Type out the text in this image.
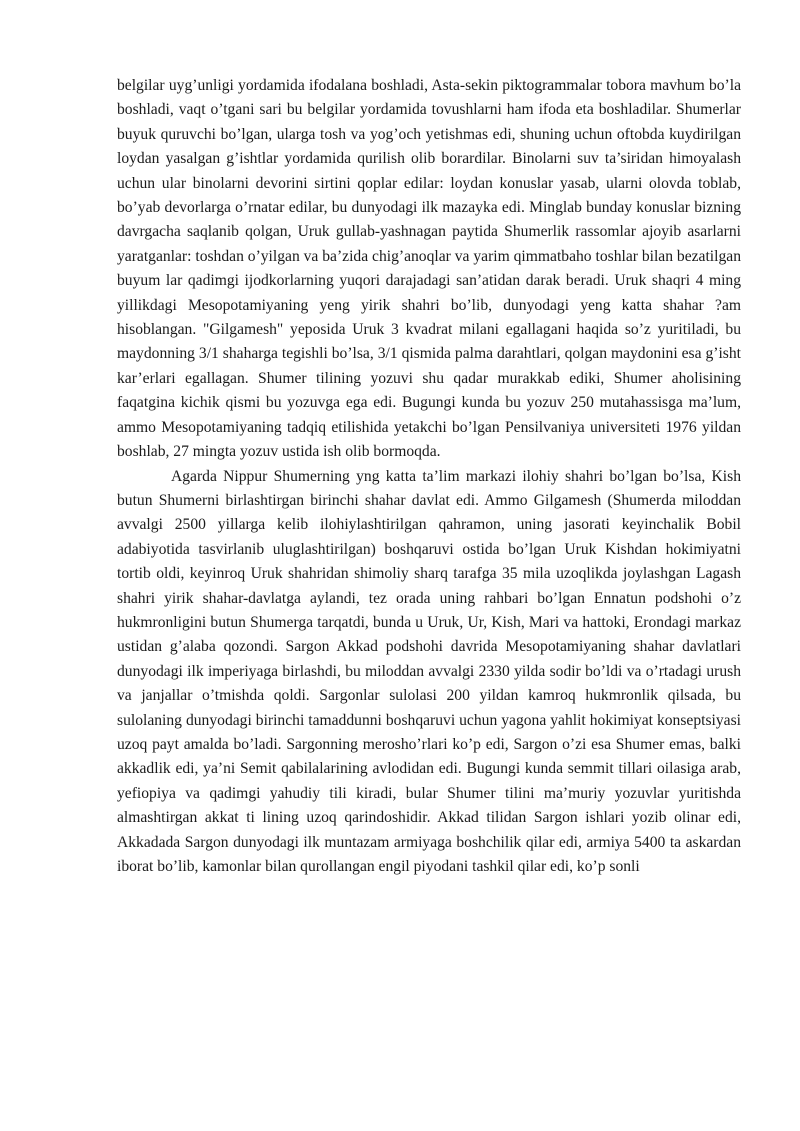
belgilar uyg’unligi yordamida ifodalana boshladi, Asta-sekin piktogrammalar tobora mavhum bo’la boshladi, vaqt o’tgani sari bu belgilar yordamida tovushlarni ham ifoda eta boshladilar. Shumerlar buyuk quruvchi bo’lgan, ularga tosh va yog’och yetishmas edi, shuning uchun oftobda kuydirilgan loydan yasalgan g’ishtlar yordamida qurilish olib borardilar. Binolarni suv ta’siridan himoyalash uchun ular binolarni devorini sirtini qoplar edilar: loydan konuslar yasab, ularni olovda toblab, bo’yab devorlarga o’rnatar edilar, bu dunyodagi ilk mazayka edi. Minglab bunday konuslar bizning davrgacha saqlanib qolgan, Uruk gullab-yashnagan paytida Shumerlik rassomlar ajoyib asarlarni yaratganlar: toshdan o’yilgan va ba’zida chig’anoqlar va yarim qimmatbaho toshlar bilan bezatilgan buyum lar qadimgi ijodkorlarning yuqori darajadagi san’atidan darak beradi. Uruk shaqri 4 ming yillikdagi Mesopotamiyaning yeng yirik shahri bo’lib, dunyodagi yeng katta shahar ?am hisoblangan. "Gilgamesh" yeposida Uruk 3 kvadrat milani egallagani haqida so’z yuritiladi, bu maydonning 3/1 shaharga tegishli bo’lsa, 3/1 qismida palma darahtlari, qolgan maydonini esa g’isht kar’erlari egallagan. Shumer tilining yozuvi shu qadar murakkab ediki, Shumer aholisining faqatgina kichik qismi bu yozuvga ega edi. Bugungi kunda bu yozuv 250 mutahassisga ma’lum, ammo Mesopotamiyaning tadqiq etilishida yetakchi bo’lgan Pensilvaniya universiteti 1976 yildan boshlab, 27 mingta yozuv ustida ish olib bormoqda.

Agarda Nippur Shumerning yng katta ta’lim markazi ilohiy shahri bo’lgan bo’lsa, Kish butun Shumerni birlashtirgan birinchi shahar davlat edi. Ammo Gilgamesh (Shumerda miloddan avvalgi 2500 yillarga kelib ilohiylashtirilgan qahramon, uning jasorati keyinchalik Bobil adabiyotida tasvirlanib uluglashtirilgan) boshqaruvi ostida bo’lgan Uruk Kishdan hokimiyatni tortib oldi, keyinroq Uruk shahridan shimoliy sharq tarafga 35 mila uzoqlikda joylashgan Lagash shahri yirik shahar-davlatga aylandi, tez orada uning rahbari bo’lgan Ennatun podshohi o’z hukmronligini butun Shumerga tarqatdi, bunda u Uruk, Ur, Kish, Mari va hattoki, Erondagi markaz ustidan g’alaba qozondi. Sargon Akkad podshohi davrida Mesopotamiyaning shahar davlatlari dunyodagi ilk imperiyaga birlashdi, bu miloddan avvalgi 2330 yilda sodir bo’ldi va o’rtadagi urush va janjallar o’tmishda qoldi. Sargonlar sulolasi 200 yildan kamroq hukmronlik qilsada, bu sulolaning dunyodagi birinchi tamaddunni boshqaruvi uchun yagona yahlit hokimiyat konseptsiyasi uzoq payt amalda bo’ladi. Sargonning merosho’rlari ko’p edi, Sargon o’zi esa Shumer emas, balki akkadlik edi, ya’ni Semit qabilalarining avlodidan edi. Bugungi kunda semmit tillari oilasiga arab, yefiopiya va qadimgi yahudiy tili kiradi, bular Shumer tilini ma’muriy yozuvlar yuritishda almashtirgan akkat ti lining uzoq qarindoshidir. Akkad tilidan Sargon ishlari yozib olinar edi, Akkadada Sargon dunyodagi ilk muntazam armiyaga boshchilik qilar edi, armiya 5400 ta askardan iborat bo’lib, kamonlar bilan qurollangan engil piyodani tashkil qilar edi, ko’p sonli
